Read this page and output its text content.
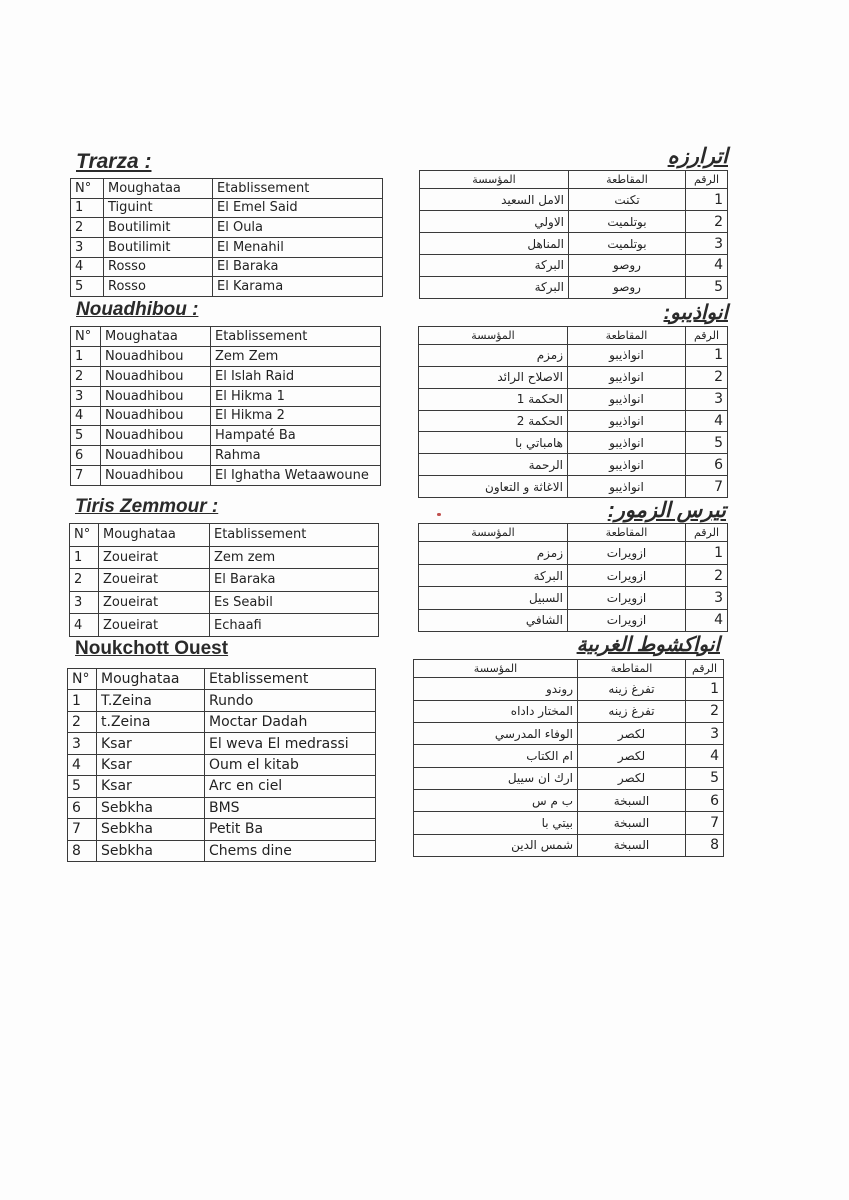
Trarza :
Nouadhibou :
Tiris Zemmour :
Noukchott Ouest
اترارزه
انواذيبو:
تيرس الزمور:
انواكشوط الغربية
N°	Moughataa	Etablissement
1	Tiguint	El Emel Said
2	Boutilimit	El Oula
3	Boutilimit	El Menahil
4	Rosso	El Baraka
5	Rosso	El Karama
N°	Moughataa	Etablissement
1	Nouadhibou	Zem Zem
2	Nouadhibou	El Islah Raid
3	Nouadhibou	El Hikma 1
4	Nouadhibou	El Hikma 2
5	Nouadhibou	Hampaté Ba
6	Nouadhibou	Rahma
7	Nouadhibou	El Ighatha Wetaawoune
N°	Moughataa	Etablissement
1	Zoueirat	Zem zem
2	Zoueirat	El Baraka
3	Zoueirat	Es Seabil
4	Zoueirat	Echaafi
N°	Moughataa	Etablissement
1	T.Zeina	Rundo
2	t.Zeina	Moctar Dadah
3	Ksar	El weva El medrassi
4	Ksar	Oum el kitab
5	Ksar	Arc en ciel
6	Sebkha	BMS
7	Sebkha	Petit Ba
8	Sebkha	Chems dine
الرقم	المقاطعة	المؤسسة
1	تكنت	الامل السعيد
2	بوتلميت	الاولي
3	بوتلميت	المناهل
4	روصو	البركة
5	روصو	البركة
الرقم	المقاطعة	المؤسسة
1	انواذيبو	زمزم
2	انواذيبو	الاصلاح الرائد
3	انواذيبو	الحكمة 1
4	انواذيبو	الحكمة 2
5	انواذيبو	هامباتي با
6	انواذيبو	الرحمة
7	انواذيبو	الاغاثة و التعاون
الرقم	المقاطعة	المؤسسة
1	ازويرات	زمزم
2	ازويرات	البركة
3	ازويرات	السبيل
4	ازويرات	الشافي
الرقم	المقاطعة	المؤسسة
1	تفرغ زينه	روندو
2	تفرغ زينه	المختار داداه
3	لكصر	الوفاء المدرسي
4	لكصر	ام الكتاب
5	لكصر	ارك ان سييل
6	السبخة	ب م س
7	السبخة	بيتي با
8	السبخة	شمس الدين
